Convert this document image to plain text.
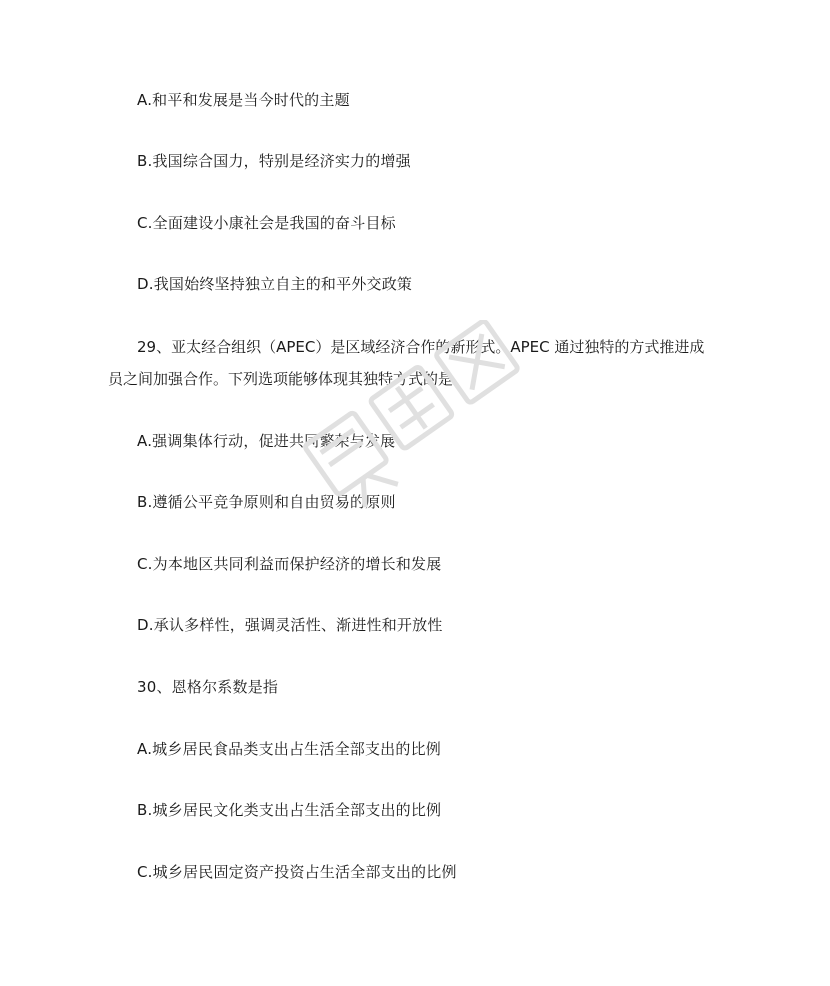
A.和平和发展是当今时代的主题
B.我国综合国力，特别是经济实力的增强
C.全面建设小康社会是我国的奋斗目标
D.我国始终坚持独立自主的和平外交政策
29、亚太经合组织（APEC）是区域经济合作的新形式。APEC 通过独特的方式推进成
员之间加强合作。下列选项能够体现其独特方式的是
A.强调集体行动，促进共同繁荣与发展
B.遵循公平竞争原则和自由贸易的原则
C.为本地区共同利益而保护经济的增长和发展
D.承认多样性，强调灵活性、渐进性和开放性
30、恩格尔系数是指
A.城乡居民食品类支出占生活全部支出的比例
B.城乡居民文化类支出占生活全部支出的比例
C.城乡居民固定资产投资占生活全部支出的比例
